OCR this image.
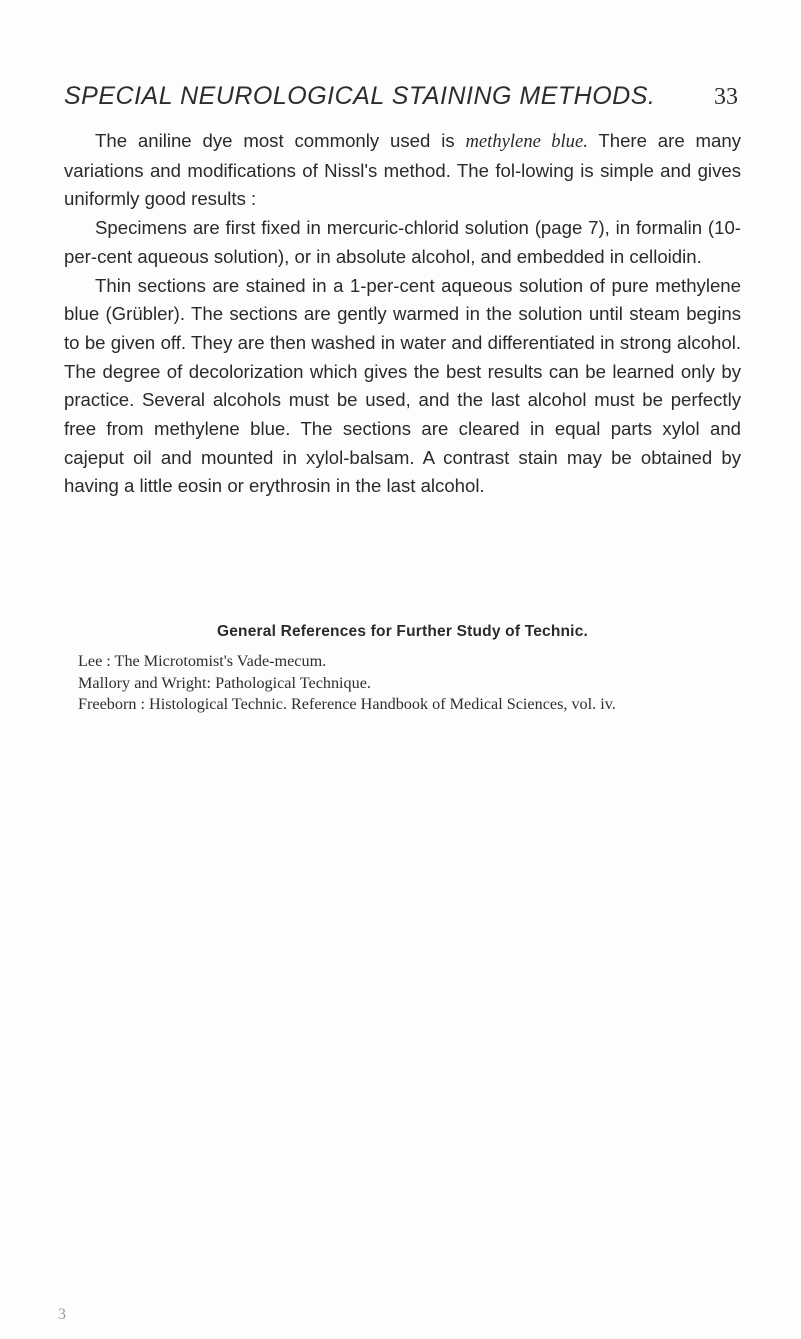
SPECIAL NEUROLOGICAL STAINING METHODS. 33

The aniline dye most commonly used is methylene blue. There are many variations and modifications of Nissl's method. The fol-lowing is simple and gives uniformly good results :

Specimens are first fixed in mercuric-chlorid solution (page 7), in formalin (10-per-cent aqueous solution), or in absolute alcohol, and embedded in celloidin.

Thin sections are stained in a 1-per-cent aqueous solution of pure methylene blue (Grübler). The sections are gently warmed in the solution until steam begins to be given off. They are then washed in water and differentiated in strong alcohol. The degree of decolorization which gives the best results can be learned only by practice. Several alcohols must be used, and the last alcohol must be perfectly free from methylene blue. The sections are cleared in equal parts xylol and cajeput oil and mounted in xylol-balsam. A contrast stain may be obtained by having a little eosin or erythrosin in the last alcohol.

General References for Further Study of Technic.

Lee : The Microtomist's Vade-mecum.

Mallory and Wright: Pathological Technique.

Freeborn : Histological Technic. Reference Handbook of Medical Sciences, vol. iv.

3
